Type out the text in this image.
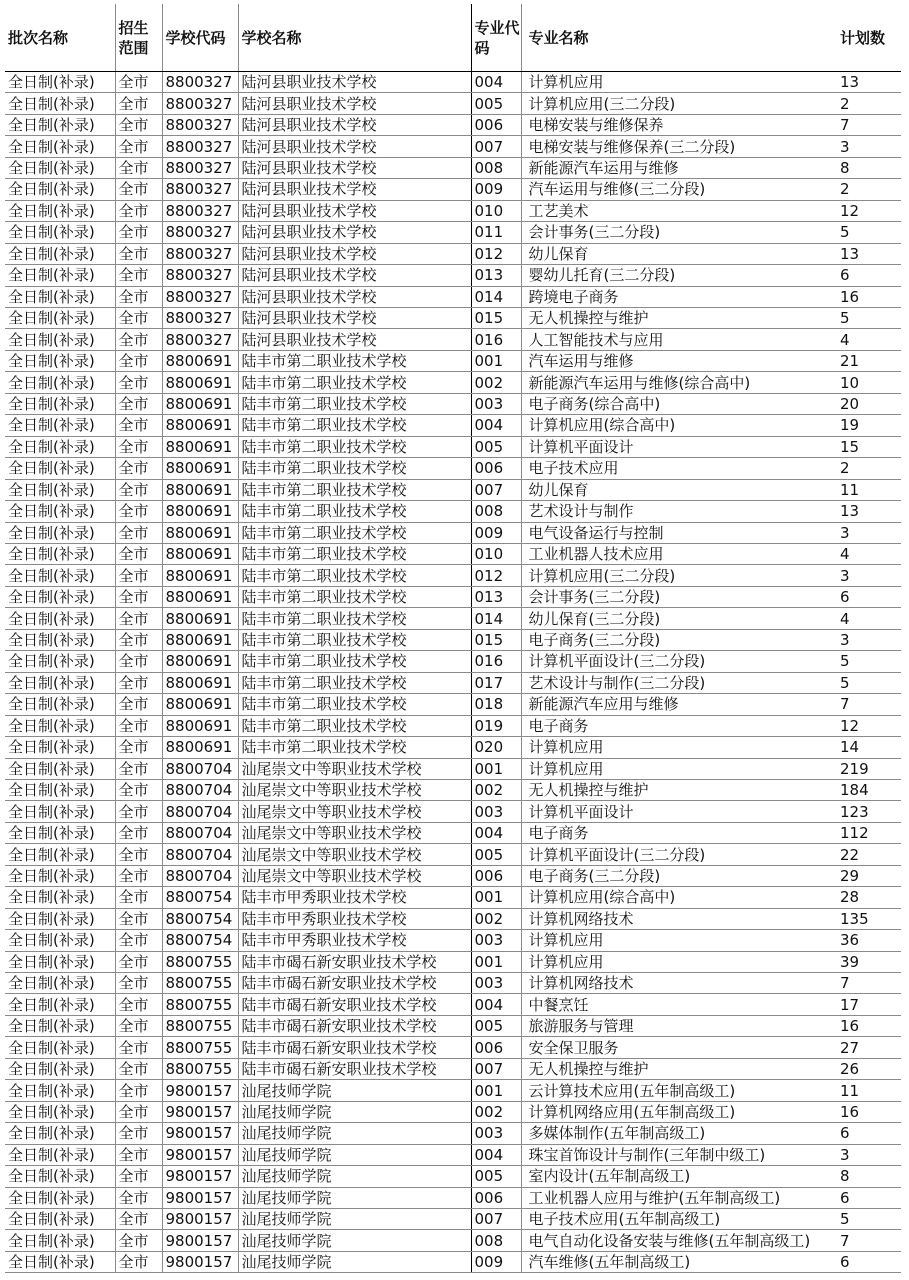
批次名称	招生范围	学校代码	学校名称	专业代码	专业名称	计划数
全日制(补录)	全市	8800327	陆河县职业技术学校	004	计算机应用	13
全日制(补录)	全市	8800327	陆河县职业技术学校	005	计算机应用(三二分段)	2
全日制(补录)	全市	8800327	陆河县职业技术学校	006	电梯安装与维修保养	7
全日制(补录)	全市	8800327	陆河县职业技术学校	007	电梯安装与维修保养(三二分段)	3
全日制(补录)	全市	8800327	陆河县职业技术学校	008	新能源汽车运用与维修	8
全日制(补录)	全市	8800327	陆河县职业技术学校	009	汽车运用与维修(三二分段)	2
全日制(补录)	全市	8800327	陆河县职业技术学校	010	工艺美术	12
全日制(补录)	全市	8800327	陆河县职业技术学校	011	会计事务(三二分段)	5
全日制(补录)	全市	8800327	陆河县职业技术学校	012	幼儿保育	13
全日制(补录)	全市	8800327	陆河县职业技术学校	013	婴幼儿托育(三二分段)	6
全日制(补录)	全市	8800327	陆河县职业技术学校	014	跨境电子商务	16
全日制(补录)	全市	8800327	陆河县职业技术学校	015	无人机操控与维护	5
全日制(补录)	全市	8800327	陆河县职业技术学校	016	人工智能技术与应用	4
全日制(补录)	全市	8800691	陆丰市第二职业技术学校	001	汽车运用与维修	21
全日制(补录)	全市	8800691	陆丰市第二职业技术学校	002	新能源汽车运用与维修(综合高中)	10
全日制(补录)	全市	8800691	陆丰市第二职业技术学校	003	电子商务(综合高中)	20
全日制(补录)	全市	8800691	陆丰市第二职业技术学校	004	计算机应用(综合高中)	19
全日制(补录)	全市	8800691	陆丰市第二职业技术学校	005	计算机平面设计	15
全日制(补录)	全市	8800691	陆丰市第二职业技术学校	006	电子技术应用	2
全日制(补录)	全市	8800691	陆丰市第二职业技术学校	007	幼儿保育	11
全日制(补录)	全市	8800691	陆丰市第二职业技术学校	008	艺术设计与制作	13
全日制(补录)	全市	8800691	陆丰市第二职业技术学校	009	电气设备运行与控制	3
全日制(补录)	全市	8800691	陆丰市第二职业技术学校	010	工业机器人技术应用	4
全日制(补录)	全市	8800691	陆丰市第二职业技术学校	012	计算机应用(三二分段)	3
全日制(补录)	全市	8800691	陆丰市第二职业技术学校	013	会计事务(三二分段)	6
全日制(补录)	全市	8800691	陆丰市第二职业技术学校	014	幼儿保育(三二分段)	4
全日制(补录)	全市	8800691	陆丰市第二职业技术学校	015	电子商务(三二分段)	3
全日制(补录)	全市	8800691	陆丰市第二职业技术学校	016	计算机平面设计(三二分段)	5
全日制(补录)	全市	8800691	陆丰市第二职业技术学校	017	艺术设计与制作(三二分段)	5
全日制(补录)	全市	8800691	陆丰市第二职业技术学校	018	新能源汽车应用与维修	7
全日制(补录)	全市	8800691	陆丰市第二职业技术学校	019	电子商务	12
全日制(补录)	全市	8800691	陆丰市第二职业技术学校	020	计算机应用	14
全日制(补录)	全市	8800704	汕尾崇文中等职业技术学校	001	计算机应用	219
全日制(补录)	全市	8800704	汕尾崇文中等职业技术学校	002	无人机操控与维护	184
全日制(补录)	全市	8800704	汕尾崇文中等职业技术学校	003	计算机平面设计	123
全日制(补录)	全市	8800704	汕尾崇文中等职业技术学校	004	电子商务	112
全日制(补录)	全市	8800704	汕尾崇文中等职业技术学校	005	计算机平面设计(三二分段)	22
全日制(补录)	全市	8800704	汕尾崇文中等职业技术学校	006	电子商务(三二分段)	29
全日制(补录)	全市	8800754	陆丰市甲秀职业技术学校	001	计算机应用(综合高中)	28
全日制(补录)	全市	8800754	陆丰市甲秀职业技术学校	002	计算机网络技术	135
全日制(补录)	全市	8800754	陆丰市甲秀职业技术学校	003	计算机应用	36
全日制(补录)	全市	8800755	陆丰市碣石新安职业技术学校	001	计算机应用	39
全日制(补录)	全市	8800755	陆丰市碣石新安职业技术学校	003	计算机网络技术	7
全日制(补录)	全市	8800755	陆丰市碣石新安职业技术学校	004	中餐烹饪	17
全日制(补录)	全市	8800755	陆丰市碣石新安职业技术学校	005	旅游服务与管理	16
全日制(补录)	全市	8800755	陆丰市碣石新安职业技术学校	006	安全保卫服务	27
全日制(补录)	全市	8800755	陆丰市碣石新安职业技术学校	007	无人机操控与维护	26
全日制(补录)	全市	9800157	汕尾技师学院	001	云计算技术应用(五年制高级工)	11
全日制(补录)	全市	9800157	汕尾技师学院	002	计算机网络应用(五年制高级工)	16
全日制(补录)	全市	9800157	汕尾技师学院	003	多媒体制作(五年制高级工)	6
全日制(补录)	全市	9800157	汕尾技师学院	004	珠宝首饰设计与制作(三年制中级工)	3
全日制(补录)	全市	9800157	汕尾技师学院	005	室内设计(五年制高级工)	8
全日制(补录)	全市	9800157	汕尾技师学院	006	工业机器人应用与维护(五年制高级工)	6
全日制(补录)	全市	9800157	汕尾技师学院	007	电子技术应用(五年制高级工)	5
全日制(补录)	全市	9800157	汕尾技师学院	008	电气自动化设备安装与维修(五年制高级工)	7
全日制(补录)	全市	9800157	汕尾技师学院	009	汽车维修(五年制高级工)	6
